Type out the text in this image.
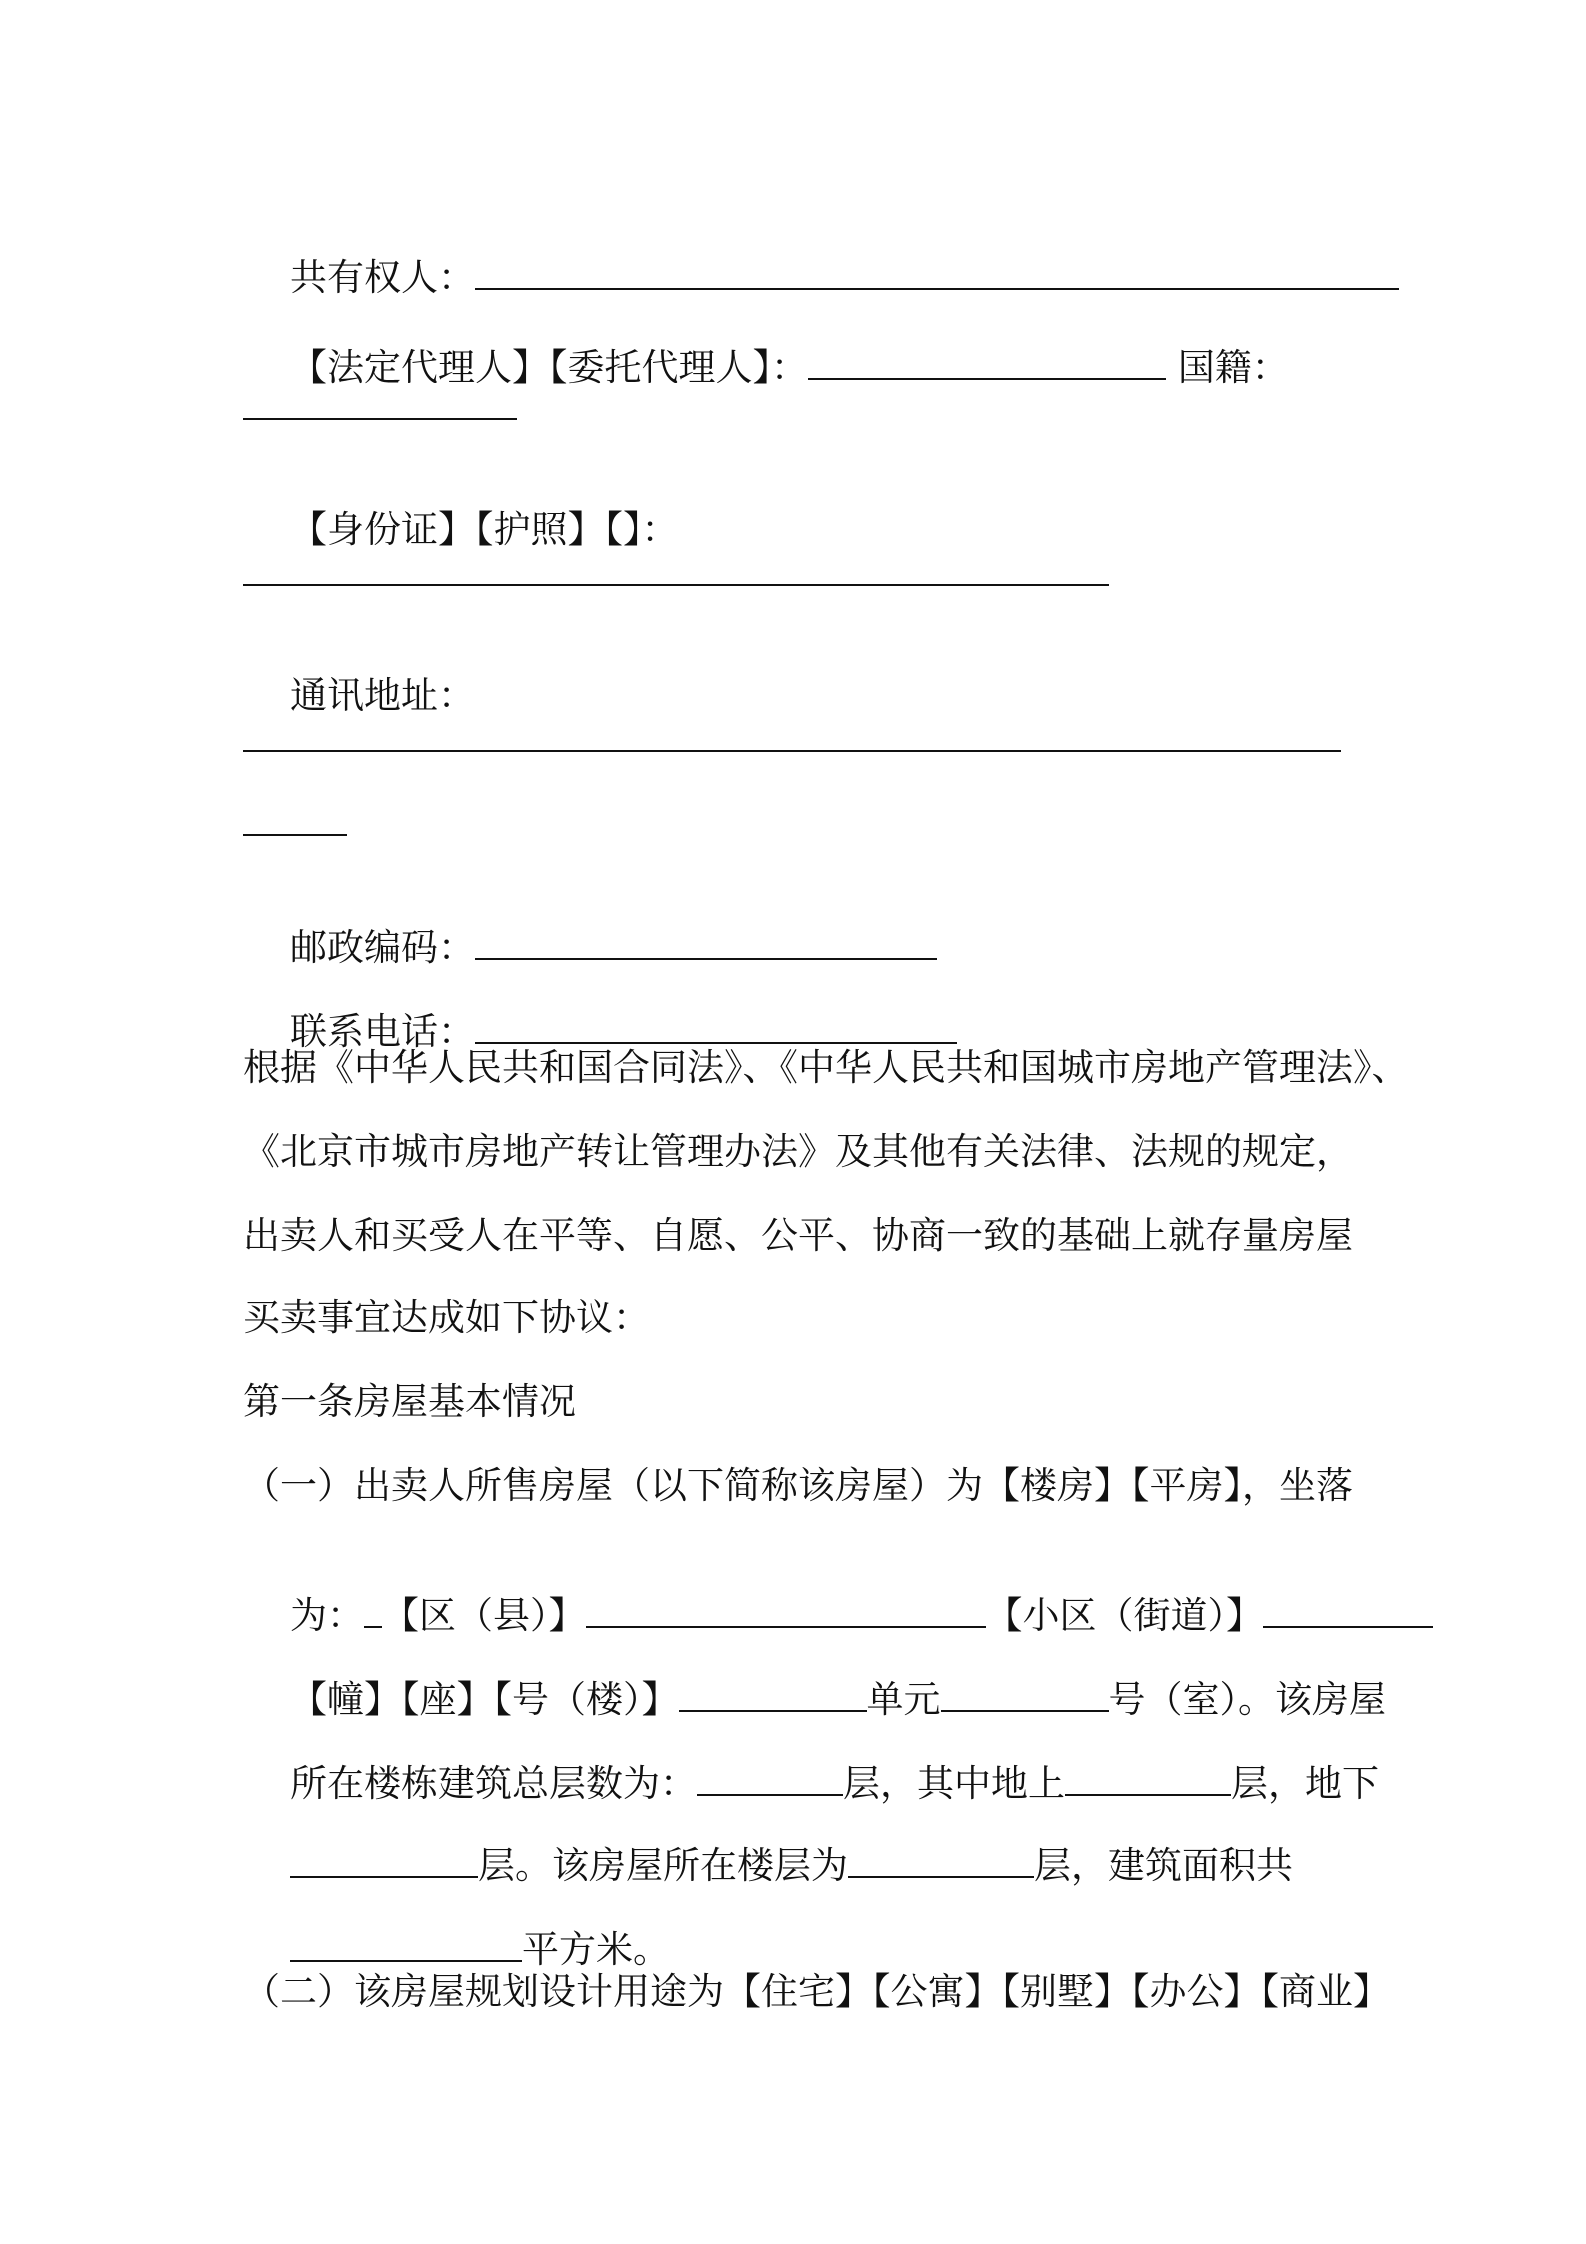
共有权人：

【法定代理人】【委托代理人】：	国籍：

【身份证】【护照】【】：

通讯地址：

邮政编码：

联系电话：

根据《中华人民共和国合同法》、《中华人民共和国城市房地产管理法》、
《北京市城市房地产转让管理办法》及其他有关法律、法规的规定，
出卖人和买受人在平等、自愿、公平、协商一致的基础上就存量房屋
买卖事宜达成如下协议：
第一条房屋基本情况
（一）出卖人所售房屋（以下简称该房屋）为【楼房】【平房】，坐落

为： 【区（县）】	【小区（街道）】

【幢】【座】【号（楼）】	单元	号（室）。该房屋

所在楼栋建筑总层数为：	层，其中地上	层，地下

层。该房屋所在楼层为	层，建筑面积共

平方米。

（二）该房屋规划设计用途为【住宅】【公寓】【别墅】【办公】【商业】
